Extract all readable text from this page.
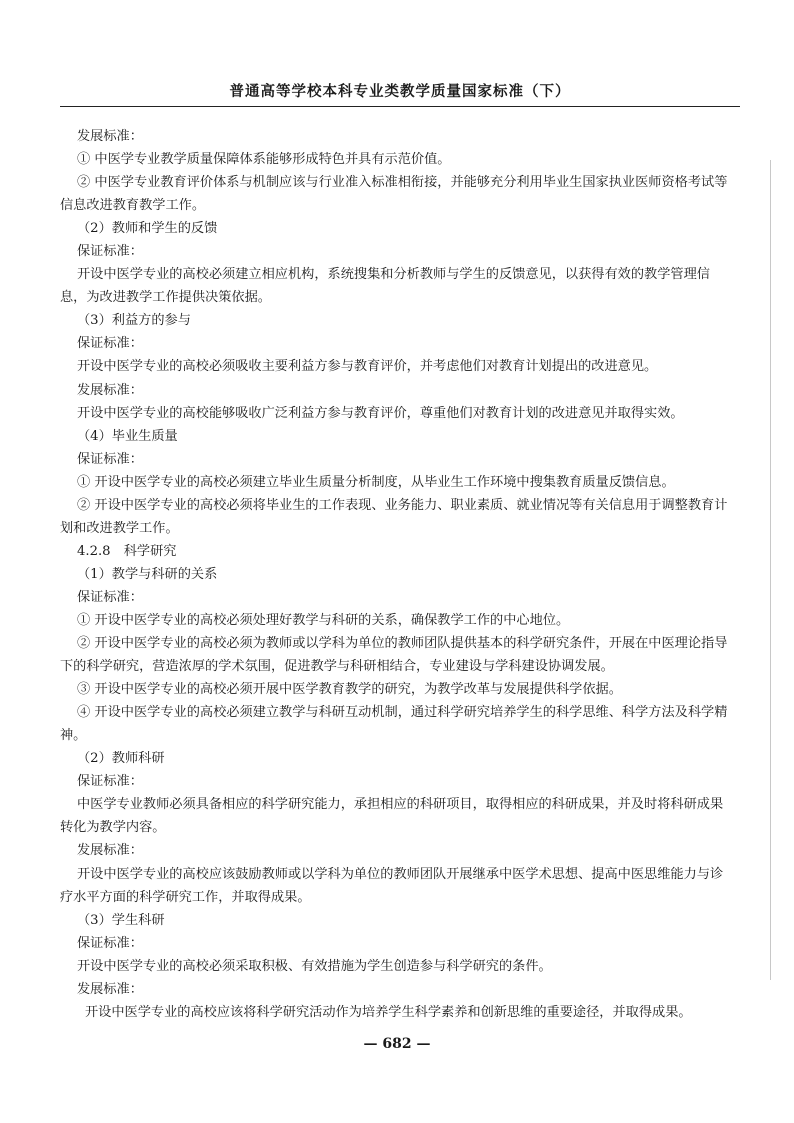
普通高等学校本科专业类教学质量国家标准（下）

发展标准：

① 中医学专业教学质量保障体系能够形成特色并具有示范价值。

② 中医学专业教育评价体系与机制应该与行业准入标准相衔接，并能够充分利用毕业生国家执业医师资格考试等信息改进教育教学工作。

（2）教师和学生的反馈

保证标准：

开设中医学专业的高校必须建立相应机构，系统搜集和分析教师与学生的反馈意见，以获得有效的教学管理信息，为改进教学工作提供决策依据。

（3）利益方的参与

保证标准：

开设中医学专业的高校必须吸收主要利益方参与教育评价，并考虑他们对教育计划提出的改进意见。

发展标准：

开设中医学专业的高校能够吸收广泛利益方参与教育评价，尊重他们对教育计划的改进意见并取得实效。

（4）毕业生质量

保证标准：

① 开设中医学专业的高校必须建立毕业生质量分析制度，从毕业生工作环境中搜集教育质量反馈信息。

② 开设中医学专业的高校必须将毕业生的工作表现、业务能力、职业素质、就业情况等有关信息用于调整教育计划和改进教学工作。

4.2.8　科学研究

（1）教学与科研的关系

保证标准：

① 开设中医学专业的高校必须处理好教学与科研的关系，确保教学工作的中心地位。

② 开设中医学专业的高校必须为教师或以学科为单位的教师团队提供基本的科学研究条件，开展在中医理论指导下的科学研究，营造浓厚的学术氛围，促进教学与科研相结合，专业建设与学科建设协调发展。

③ 开设中医学专业的高校必须开展中医学教育教学的研究，为教学改革与发展提供科学依据。

④ 开设中医学专业的高校必须建立教学与科研互动机制，通过科学研究培养学生的科学思维、科学方法及科学精神。

（2）教师科研

保证标准：

中医学专业教师必须具备相应的科学研究能力，承担相应的科研项目，取得相应的科研成果，并及时将科研成果转化为教学内容。

发展标准：

开设中医学专业的高校应该鼓励教师或以学科为单位的教师团队开展继承中医学术思想、提高中医思维能力与诊疗水平方面的科学研究工作，并取得成果。

（3）学生科研

保证标准：

开设中医学专业的高校必须采取积极、有效措施为学生创造参与科学研究的条件。

发展标准：

开设中医学专业的高校应该将科学研究活动作为培养学生科学素养和创新思维的重要途径，并取得成果。

— 682 —
